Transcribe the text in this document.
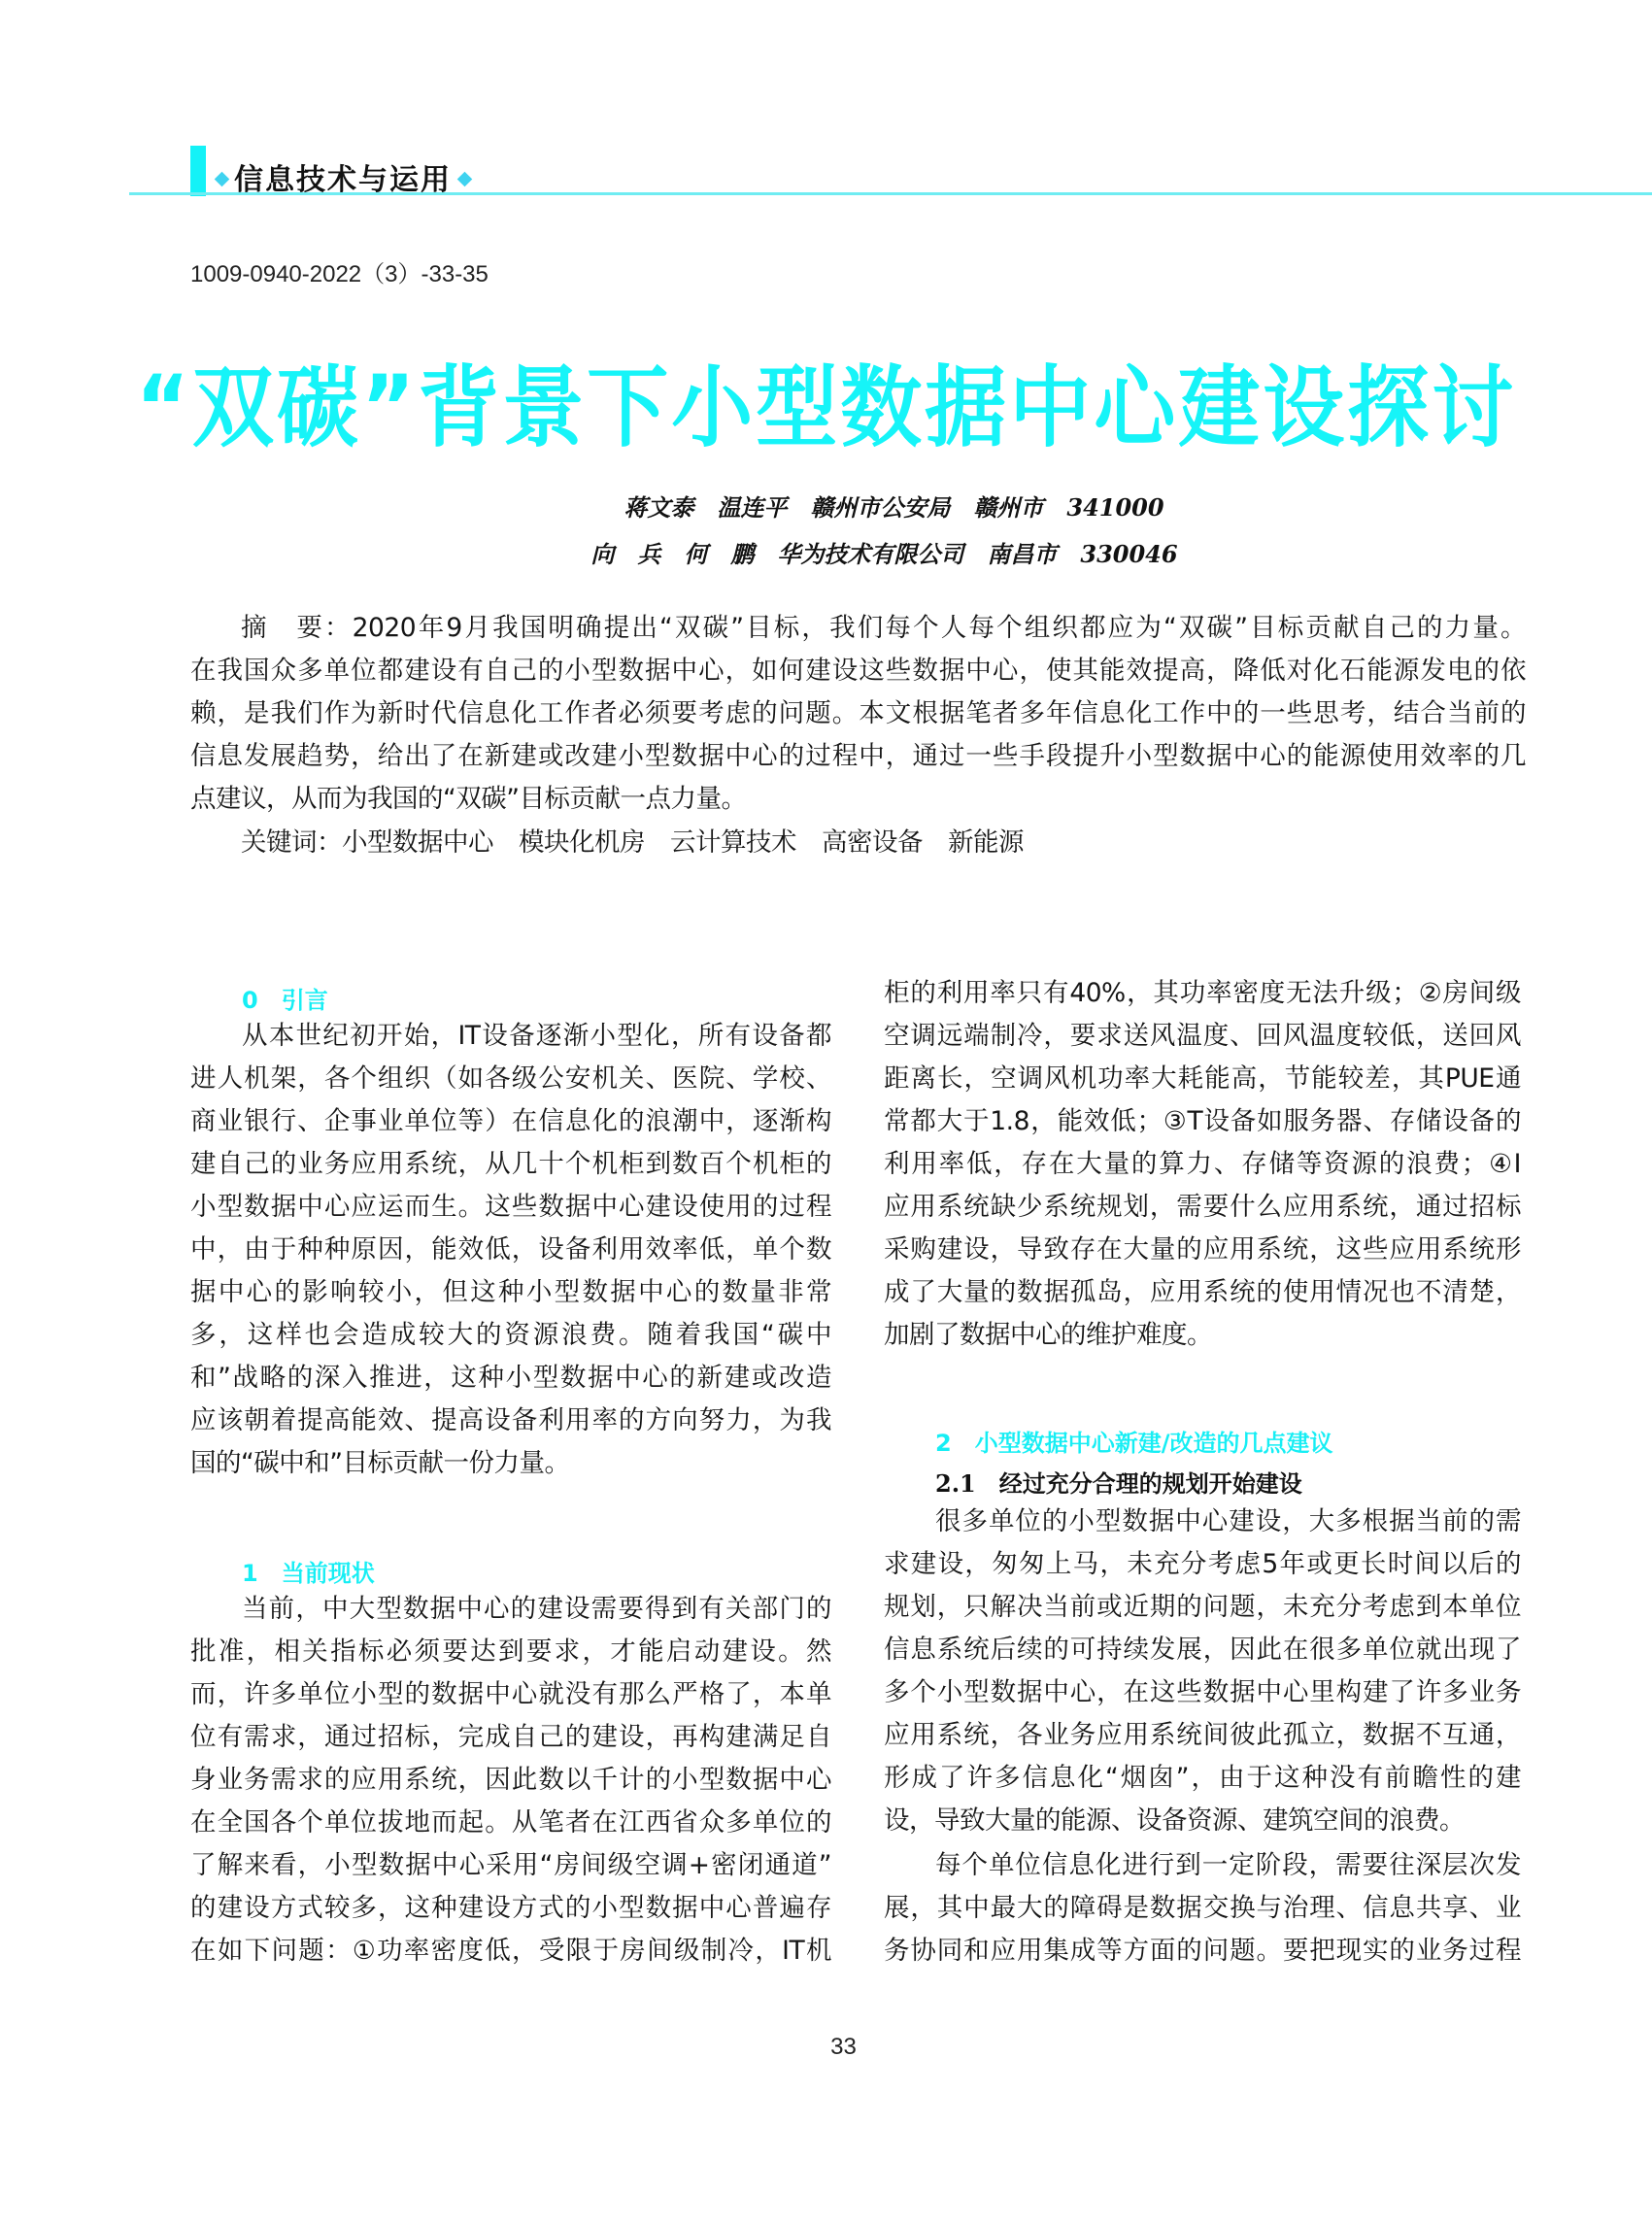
信息技术与运用
1009-0940-2022（3）-33-35
“双碳”背景下小型数据中心建设探讨
蒋文泰　温连平　赣州市公安局　赣州市　341000
向　兵　何　鹏　华为技术有限公司　南昌市　330046
摘　要：2020年9月我国明确提出“双碳”目标，我们每个人每个组织都应为“双碳”目标贡献自己的力量。
在我国众多单位都建设有自己的小型数据中心，如何建设这些数据中心，使其能效提高，降低对化石能源发电的依
赖，是我们作为新时代信息化工作者必须要考虑的问题。本文根据笔者多年信息化工作中的一些思考，结合当前的
信息发展趋势，给出了在新建或改建小型数据中心的过程中，通过一些手段提升小型数据中心的能源使用效率的几
点建议，从而为我国的“双碳”目标贡献一点力量。
关键词：小型数据中心 模块化机房 云计算技术 高密设备 新能源
0　引言
从本世纪初开始，IT设备逐渐小型化，所有设备都
进人机架，各个组织（如各级公安机关、医院、学校、
商业银行、企事业单位等）在信息化的浪潮中，逐渐构
建自己的业务应用系统，从几十个机柜到数百个机柜的
小型数据中心应运而生。这些数据中心建设使用的过程
中，由于种种原因，能效低，设备利用效率低，单个数
据中心的影响较小，但这种小型数据中心的数量非常
多，这样也会造成较大的资源浪费。随着我国“碳中
和”战略的深入推进，这种小型数据中心的新建或改造
应该朝着提高能效、提高设备利用率的方向努力，为我
国的“碳中和”目标贡献一份力量。
1　当前现状
当前，中大型数据中心的建设需要得到有关部门的
批准，相关指标必须要达到要求，才能启动建设。然
而，许多单位小型的数据中心就没有那么严格了，本单
位有需求，通过招标，完成自己的建设，再构建满足自
身业务需求的应用系统，因此数以千计的小型数据中心
在全国各个单位拔地而起。从笔者在江西省众多单位的
了解来看，小型数据中心采用“房间级空调+密闭通道”
的建设方式较多，这种建设方式的小型数据中心普遍存
在如下问题：①功率密度低，受限于房间级制冷，IT机
柜的利用率只有40%，其功率密度无法升级；②房间级
空调远端制冷，要求送风温度、回风温度较低，送回风
距离长，空调风机功率大耗能高，节能较差，其PUE通
常都大于1.8，能效低；③T设备如服务器、存储设备的
利用率低，存在大量的算力、存储等资源的浪费；④I
应用系统缺少系统规划，需要什么应用系统，通过招标
采购建设，导致存在大量的应用系统，这些应用系统形
成了大量的数据孤岛，应用系统的使用情况也不清楚，
加剧了数据中心的维护难度。
2　小型数据中心新建/改造的几点建议
2.1　经过充分合理的规划开始建设
很多单位的小型数据中心建设，大多根据当前的需
求建设，匆匆上马，未充分考虑5年或更长时间以后的
规划，只解决当前或近期的问题，未充分考虑到本单位
信息系统后续的可持续发展，因此在很多单位就出现了
多个小型数据中心，在这些数据中心里构建了许多业务
应用系统，各业务应用系统间彼此孤立，数据不互通，
形成了许多信息化“烟囱”，由于这种没有前瞻性的建
设，导致大量的能源、设备资源、建筑空间的浪费。
每个单位信息化进行到一定阶段，需要往深层次发
展，其中最大的障碍是数据交换与治理、信息共享、业
务协同和应用集成等方面的问题。要把现实的业务过程
33
